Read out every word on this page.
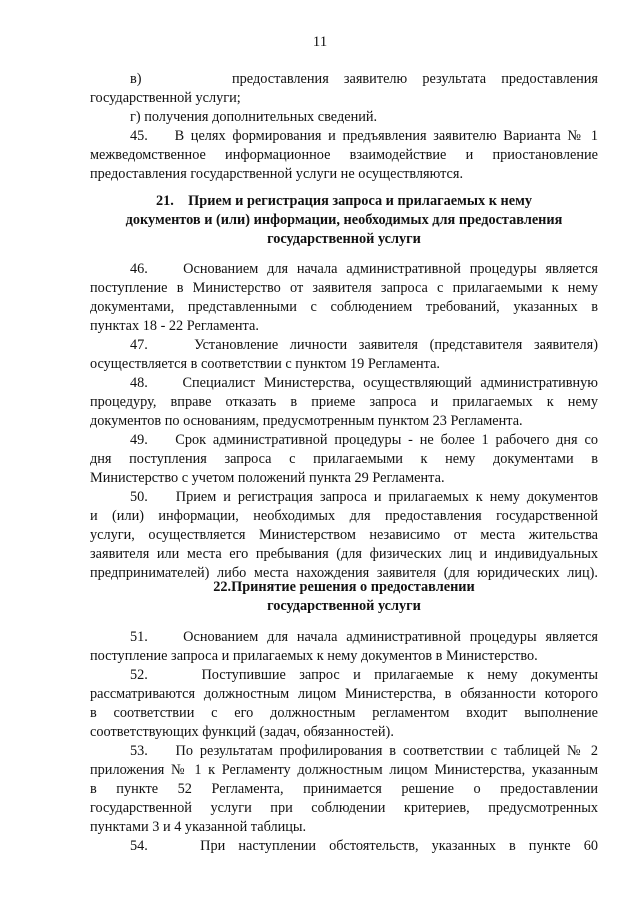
11
в)      предоставления заявителю результата предоставления
государственной услуги;
г) получения дополнительных сведений.
45.    В целях формирования и предъявления заявителю Варианта № 1
межведомственное информационное взаимодействие и приостановление
предоставления государственной услуги не осуществляются.
21.    Прием и регистрация запроса и прилагаемых к нему
документов и (или) информации, необходимых для предоставления
государственной услуги
46.    Основанием для начала административной процедуры является
поступление в Министерство от заявителя запроса с прилагаемыми к нему
документами, представленными с соблюдением требований, указанных в
пунктах 18 - 22 Регламента.
47.    Установление личности заявителя (представителя заявителя)
осуществляется в соответствии с пунктом 19 Регламента.
48.    Специалист Министерства, осуществляющий административную
процедуру, вправе отказать в приеме запроса и прилагаемых к нему
документов по основаниям, предусмотренным пунктом 23 Регламента.
49.    Срок административной процедуры - не более 1 рабочего дня со
дня поступления запроса с прилагаемыми к нему документами в
Министерство с учетом положений пункта 29 Регламента.
50.    Прием и регистрация запроса и прилагаемых к нему документов
и (или) информации, необходимых для предоставления государственной
услуги, осуществляется Министерством независимо от места жительства
заявителя или места его пребывания (для физических лиц и индивидуальных
предпринимателей) либо места нахождения заявителя (для юридических лиц).
22.Принятие решения о предоставлении
государственной услуги
51.    Основанием для начала административной процедуры является
поступление запроса и прилагаемых к нему документов в Министерство.
52.    Поступившие запрос и прилагаемые к нему документы
рассматриваются должностным лицом Министерства, в обязанности которого
в соответствии с его должностным регламентом входит выполнение
соответствующих функций (задач, обязанностей).
53.    По результатам профилирования в соответствии с таблицей № 2
приложения № 1 к Регламенту должностным лицом Министерства, указанным
в пункте 52 Регламента, принимается решение о предоставлении
государственной услуги при соблюдении критериев, предусмотренных
пунктами 3 и 4 указанной таблицы.
54.    При наступлении обстоятельств, указанных в пункте 60
